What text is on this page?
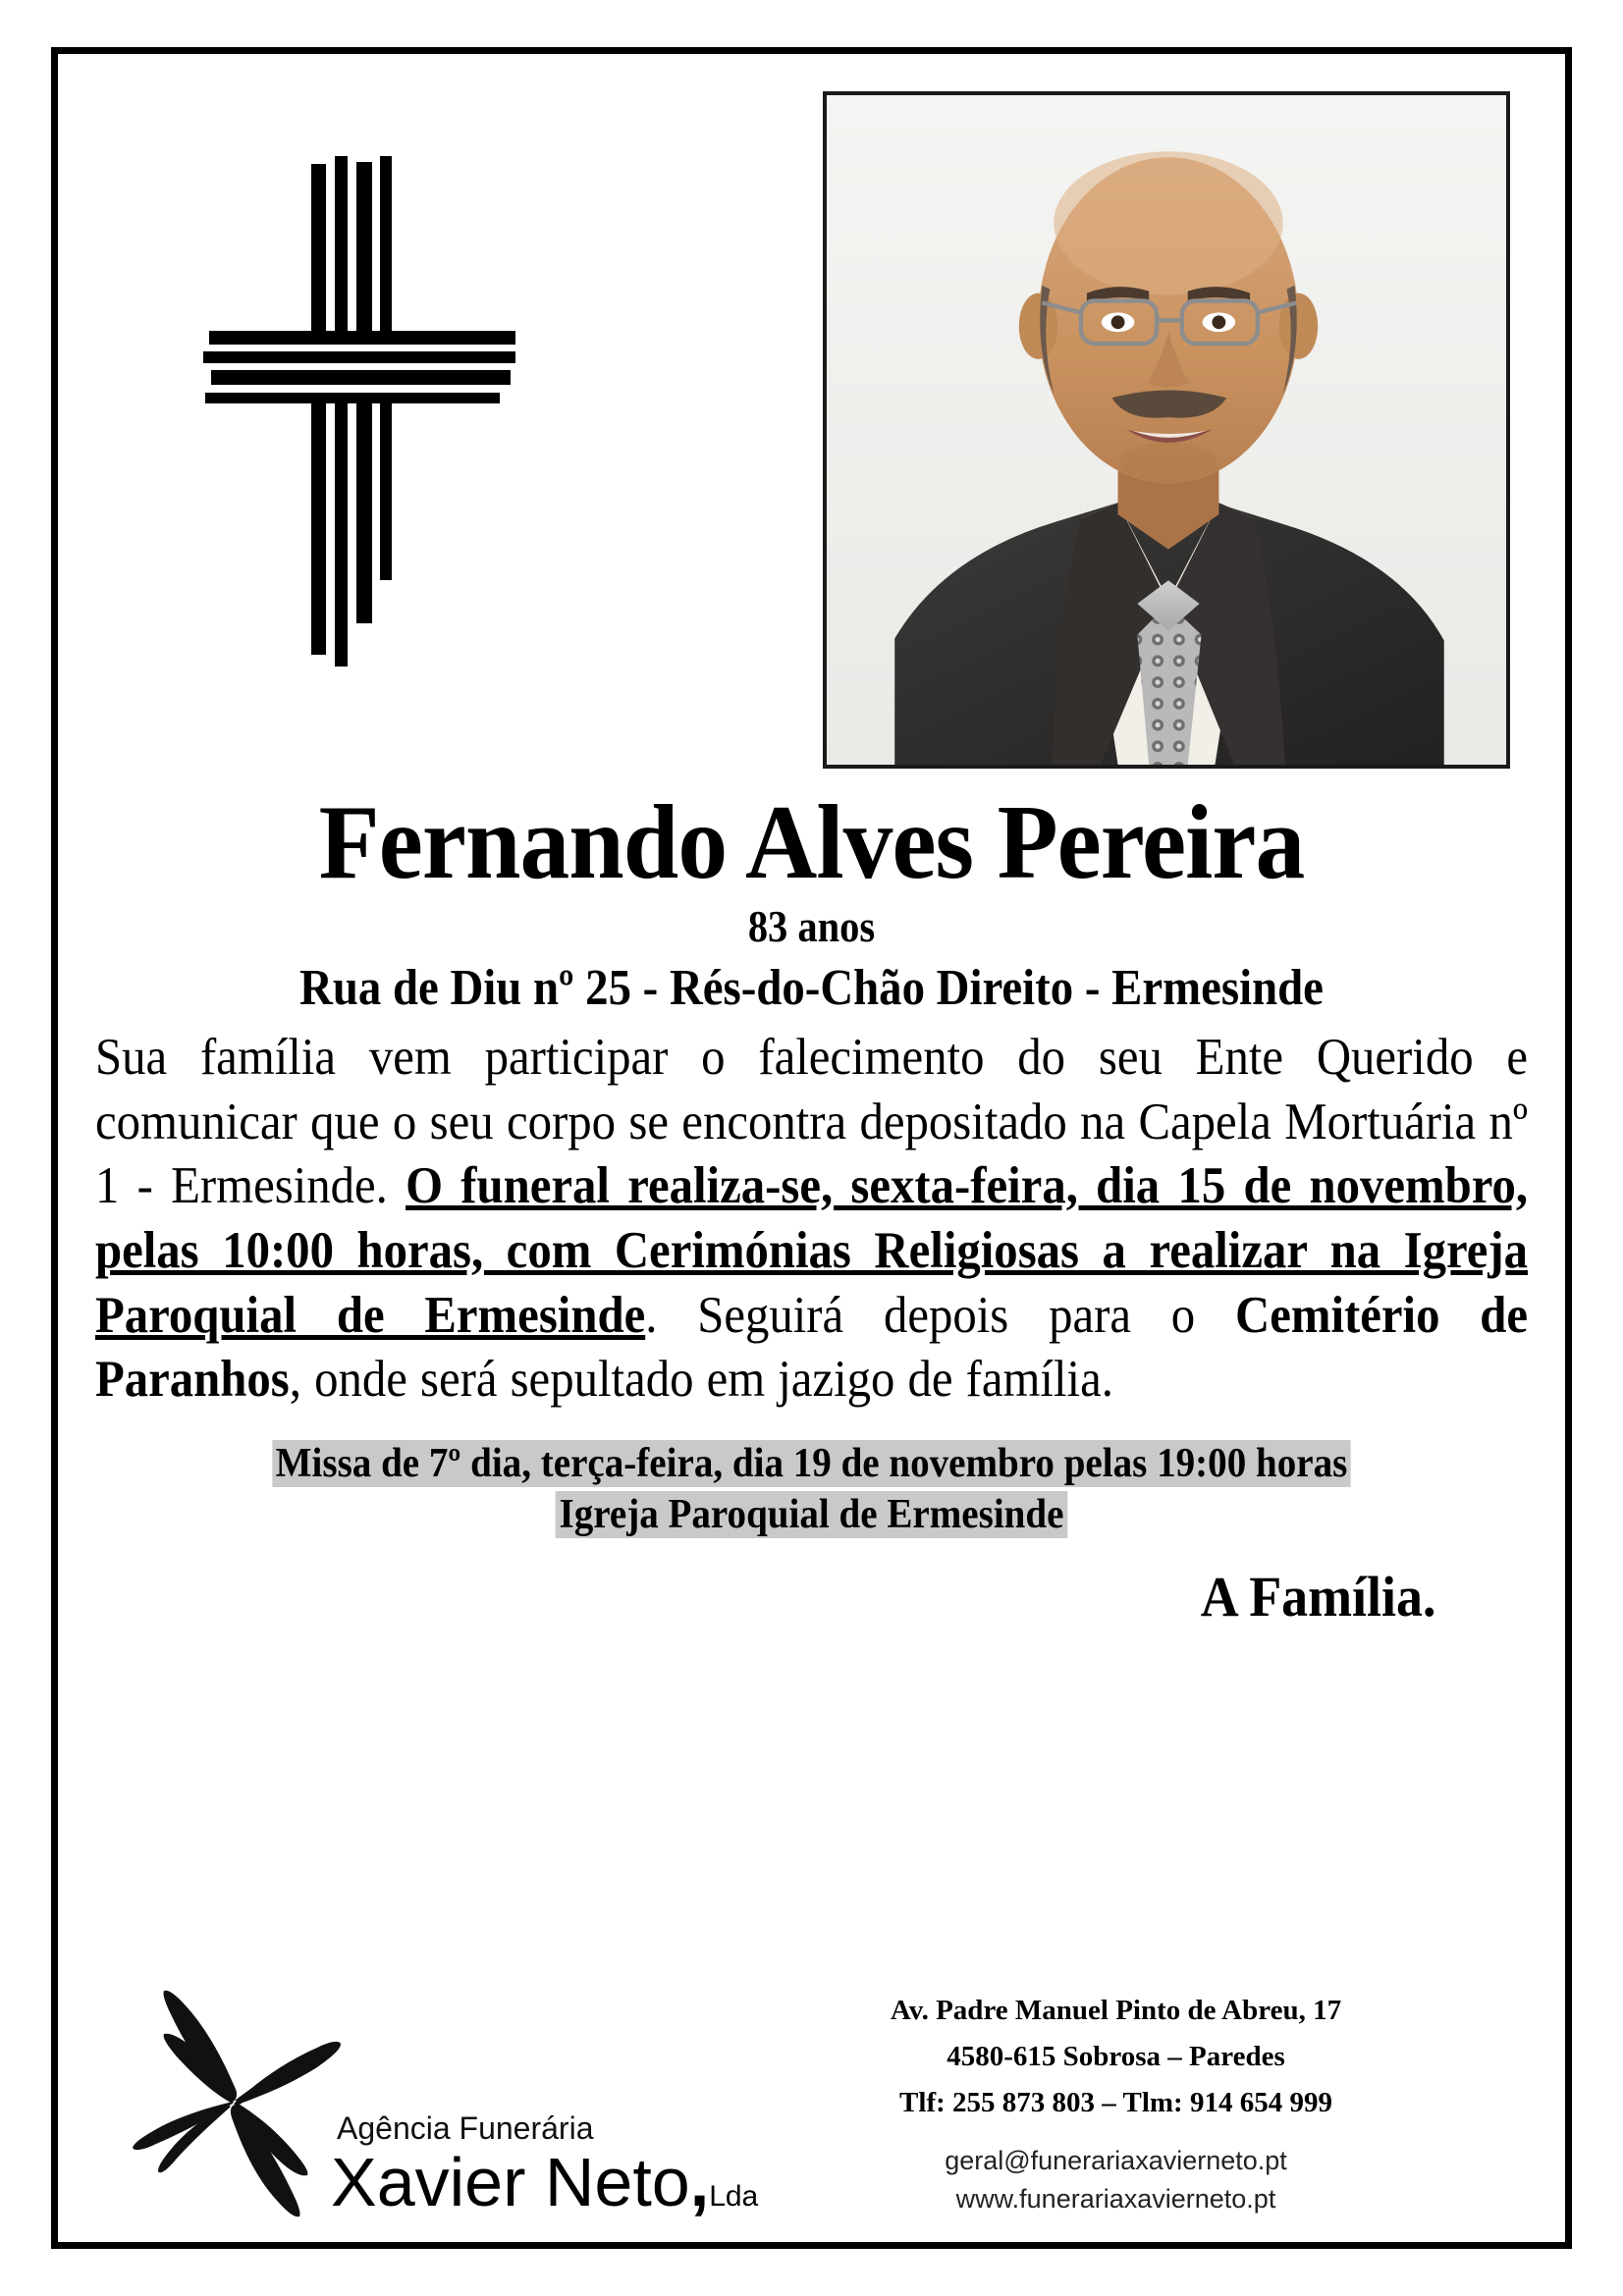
Fernando Alves Pereira
83 anos
Rua de Diu nº 25 - Rés-do-Chão Direito - Ermesinde
Sua família vem participar o falecimento do seu Ente Querido e comunicar que o seu corpo se encontra depositado na Capela Mortuária nº 1 - Ermesinde. O funeral realiza-se, sexta-feira, dia 15 de novembro, pelas 10:00 horas, com Cerimónias Religiosas a realizar na Igreja Paroquial de Ermesinde. Seguirá depois para o Cemitério de Paranhos, onde será sepultado em jazigo de família.
Missa de 7º dia, terça-feira, dia 19 de novembro pelas 19:00 horas
Igreja Paroquial de Ermesinde
A Família.
Agência Funerária
Xavier Neto,Lda
Av. Padre Manuel Pinto de Abreu, 17
4580-615 Sobrosa – Paredes
Tlf: 255 873 803 – Tlm: 914 654 999
geral@funerariaxavierneto.pt
www.funerariaxavierneto.pt
